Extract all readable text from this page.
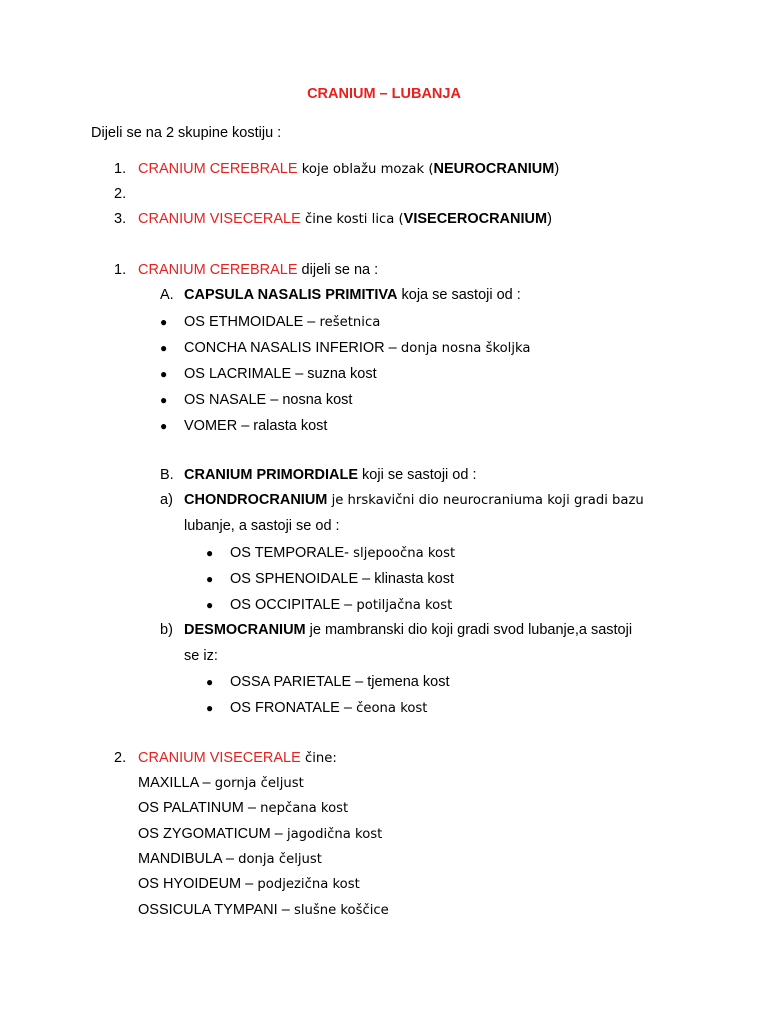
CRANIUM – LUBANJA
Dijeli se na 2 skupine kostiju :
1. CRANIUM CEREBRALE koje oblažu mozak (NEUROCRANIUM)
2.
3. CRANIUM VISECERALE čine kosti lica (VISECEROCRANIUM)
1. CRANIUM CEREBRALE dijeli se na :
A. CAPSULA NASALIS PRIMITIVA koja se sastoji od :
B. CRANIUM PRIMORDIALE koji se sastoji od :
a) CHONDROCRANIUM je hrskavični dio neurocraniuma koji gradi bazu
lubanje, a sastoji se od :
b) DESMOCRANIUM je mambranski dio koji gradi svod lubanje,a sastoji
se iz:
2. CRANIUM VISECERALE čine:
● OS ETHMOIDALE – rešetnica
● CONCHA NASALIS INFERIOR – donja nosna školjka
● OS LACRIMALE – suzna kost
● OS NASALE – nosna kost
● VOMER – ralasta kost
● OS TEMPORALE- sljepoočna kost
● OS SPHENOIDALE – klinasta kost
● OS OCCIPITALE – potiljačna kost
● OSSA PARIETALE – tjemena kost
● OS FRONATALE – čeona kost
MAXILLA – gornja čeljust
OS PALATINUM – nepčana kost
OS ZYGOMATICUM – jagodična kost
MANDIBULA – donja čeljust
OS HYOIDEUM – podjezična kost
OSSICULA TYMPANI – slušne koščice
